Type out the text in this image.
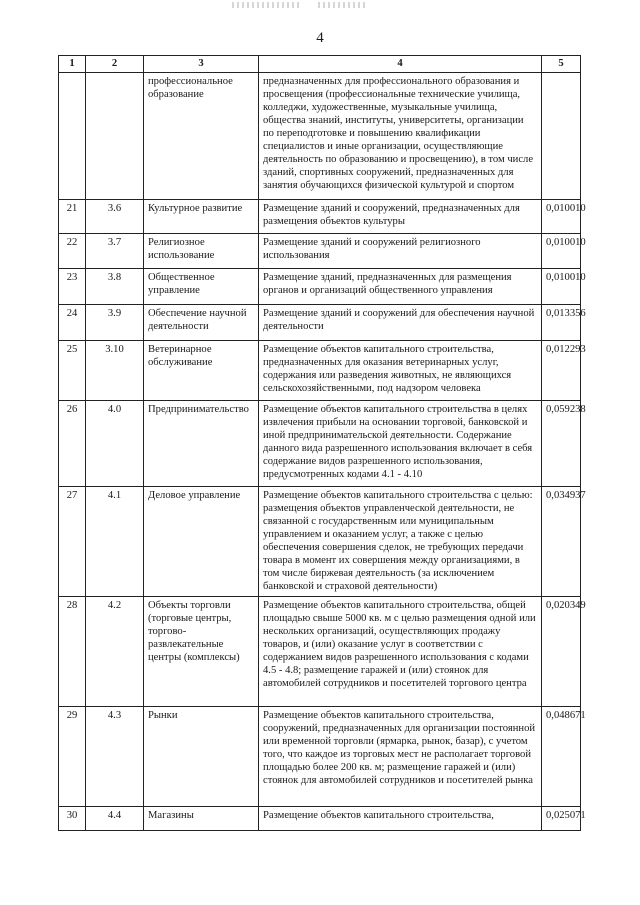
4
1	2	3	4	5
		профессиональное образование	предназначенных для профессионального образования и просвещения (профессиональные технические училища, колледжи, художественные, музыкальные училища, общества знаний, институты, университеты, организации по переподготовке и повышению квалификации специалистов и иные организации, осуществляющие деятельность по образованию и просвещению), в том числе зданий, спортивных сооружений, предназначенных для занятия обучающихся физической культурой и спортом	
21	3.6	Культурное развитие	Размещение зданий и сооружений, предназначенных для размещения объектов культуры	0,010010
22	3.7	Религиозное использование	Размещение зданий и сооружений религиозного использования	0,010010
23	3.8	Общественное управление	Размещение зданий, предназначенных для размещения органов и организаций общественного управления	0,010010
24	3.9	Обеспечение научной деятельности	Размещение зданий и сооружений для обеспечения научной деятельности	0,013356
25	3.10	Ветеринарное обслуживание	Размещение объектов капитального строительства, предназначенных для оказания ветеринарных услуг, содержания или разведения животных, не являющихся сельскохозяйственными, под надзором человека	0,012293
26	4.0	Предпринимательство	Размещение объектов капитального строительства в целях извлечения прибыли на основании торговой, банковской и иной предпринимательской деятельности. Содержание данного вида разрешенного использования включает в себя содержание видов разрешенного использования, предусмотренных кодами 4.1 - 4.10	0,059238
27	4.1	Деловое управление	Размещение объектов капитального строительства с целью: размещения объектов управленческой деятельности, не связанной с государственным или муниципальным управлением и оказанием услуг, а также с целью обеспечения совершения сделок, не требующих передачи товара в момент их совершения между организациями, в том числе биржевая деятельность (за исключением банковской и страховой деятельности)	0,034937
28	4.2	Объекты торговли (торговые центры, торгово-развлекательные центры (комплексы)	Размещение объектов капитального строительства, общей площадью свыше 5000 кв. м с целью размещения одной или нескольких организаций, осуществляющих продажу товаров, и (или) оказание услуг в соответствии с содержанием видов разрешенного использования с кодами 4.5 - 4.8; размещение гаражей и (или) стоянок для автомобилей сотрудников и посетителей торгового центра	0,020349
29	4.3	Рынки	Размещение объектов капитального строительства, сооружений, предназначенных для организации постоянной или временной торговли (ярмарка, рынок, базар), с учетом того, что каждое из торговых мест не располагает торговой площадью более 200 кв. м; размещение гаражей и (или) стоянок для автомобилей сотрудников и посетителей рынка	0,048671
30	4.4	Магазины	Размещение объектов капитального строительства,	0,025071
